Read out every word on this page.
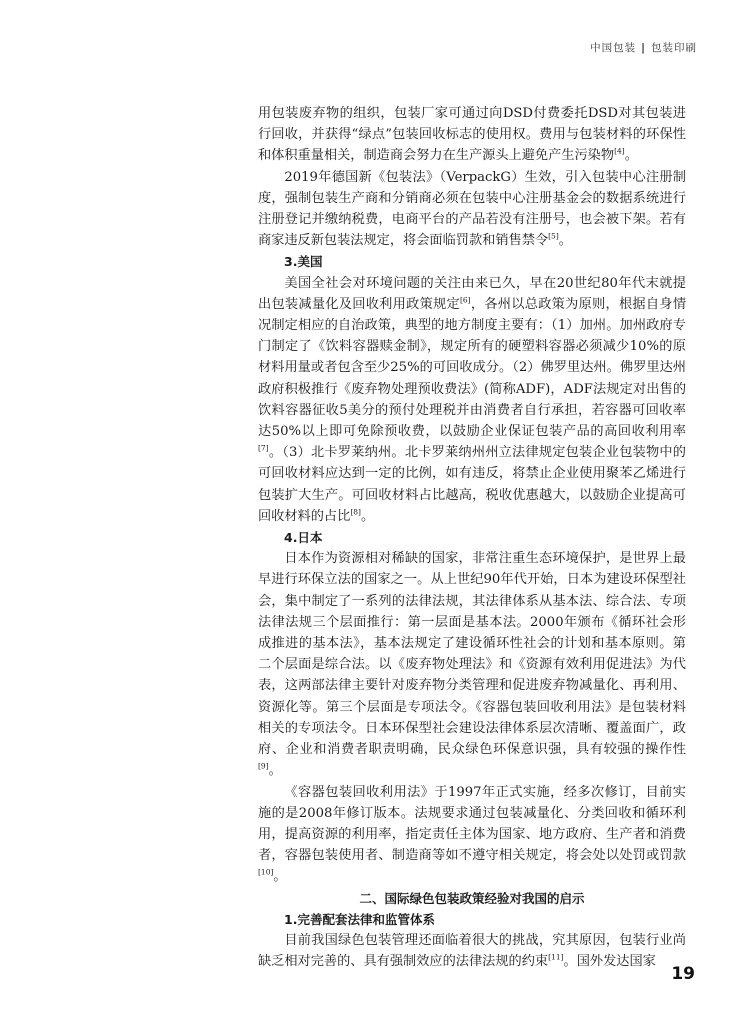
中国包装 | 包装印刷

用包装废弃物的组织，包装厂家可通过向DSD付费委托DSD对其包装进行回收，并获得“绿点”包装回收标志的使用权。费用与包装材料的环保性和体积重量相关，制造商会努力在生产源头上避免产生污染物[4]。

2019年德国新《包装法》（VerpackG）生效，引入包装中心注册制度，强制包装生产商和分销商必须在包装中心注册基金会的数据系统进行注册登记并缴纳税费，电商平台的产品若没有注册号，也会被下架。若有商家违反新包装法规定，将会面临罚款和销售禁令[5]。

3.美国

美国全社会对环境问题的关注由来已久，早在20世纪80年代末就提出包装减量化及回收利用政策规定[6]，各州以总政策为原则，根据自身情况制定相应的自治政策，典型的地方制度主要有：（1）加州。加州政府专门制定了《饮料容器赎金制》，规定所有的硬塑料容器必须减少10%的原材料用量或者包含至少25%的可回收成分。（2）佛罗里达州。佛罗里达州政府积极推行《废弃物处理预收费法》(简称ADF)，ADF法规定对出售的饮料容器征收5美分的预付处理税并由消费者自行承担，若容器可回收率达50%以上即可免除预收费，以鼓励企业保证包装产品的高回收利用率[7]。（3）北卡罗莱纳州。北卡罗莱纳州州立法律规定包装企业包装物中的可回收材料应达到一定的比例，如有违反，将禁止企业使用聚苯乙烯进行包装扩大生产。可回收材料占比越高，税收优惠越大，以鼓励企业提高可回收材料的占比[8]。

4.日本

日本作为资源相对稀缺的国家，非常注重生态环境保护，是世界上最早进行环保立法的国家之一。从上世纪90年代开始，日本为建设环保型社会，集中制定了一系列的法律法规，其法律体系从基本法、综合法、专项法律法规三个层面推行：第一层面是基本法。2000年颁布《循环社会形成推进的基本法》，基本法规定了建设循环性社会的计划和基本原则。第二个层面是综合法。以《废弃物处理法》和《资源有效利用促进法》为代表，这两部法律主要针对废弃物分类管理和促进废弃物减量化、再利用、资源化等。第三个层面是专项法令。《容器包装回收利用法》是包装材料相关的专项法令。日本环保型社会建设法律体系层次清晰、覆盖面广，政府、企业和消费者职责明确，民众绿色环保意识强，具有较强的操作性[9]。

《容器包装回收利用法》于1997年正式实施，经多次修订，目前实施的是2008年修订版本。法规要求通过包装减量化、分类回收和循环利用，提高资源的利用率，指定责任主体为国家、地方政府、生产者和消费者，容器包装使用者、制造商等如不遵守相关规定，将会处以处罚或罚款[10]。

二、国际绿色包装政策经验对我国的启示

1.完善配套法律和监管体系

目前我国绿色包装管理还面临着很大的挑战，究其原因，包装行业尚缺乏相对完善的、具有强制效应的法律法规的约束[11]。国外发达国家

19
